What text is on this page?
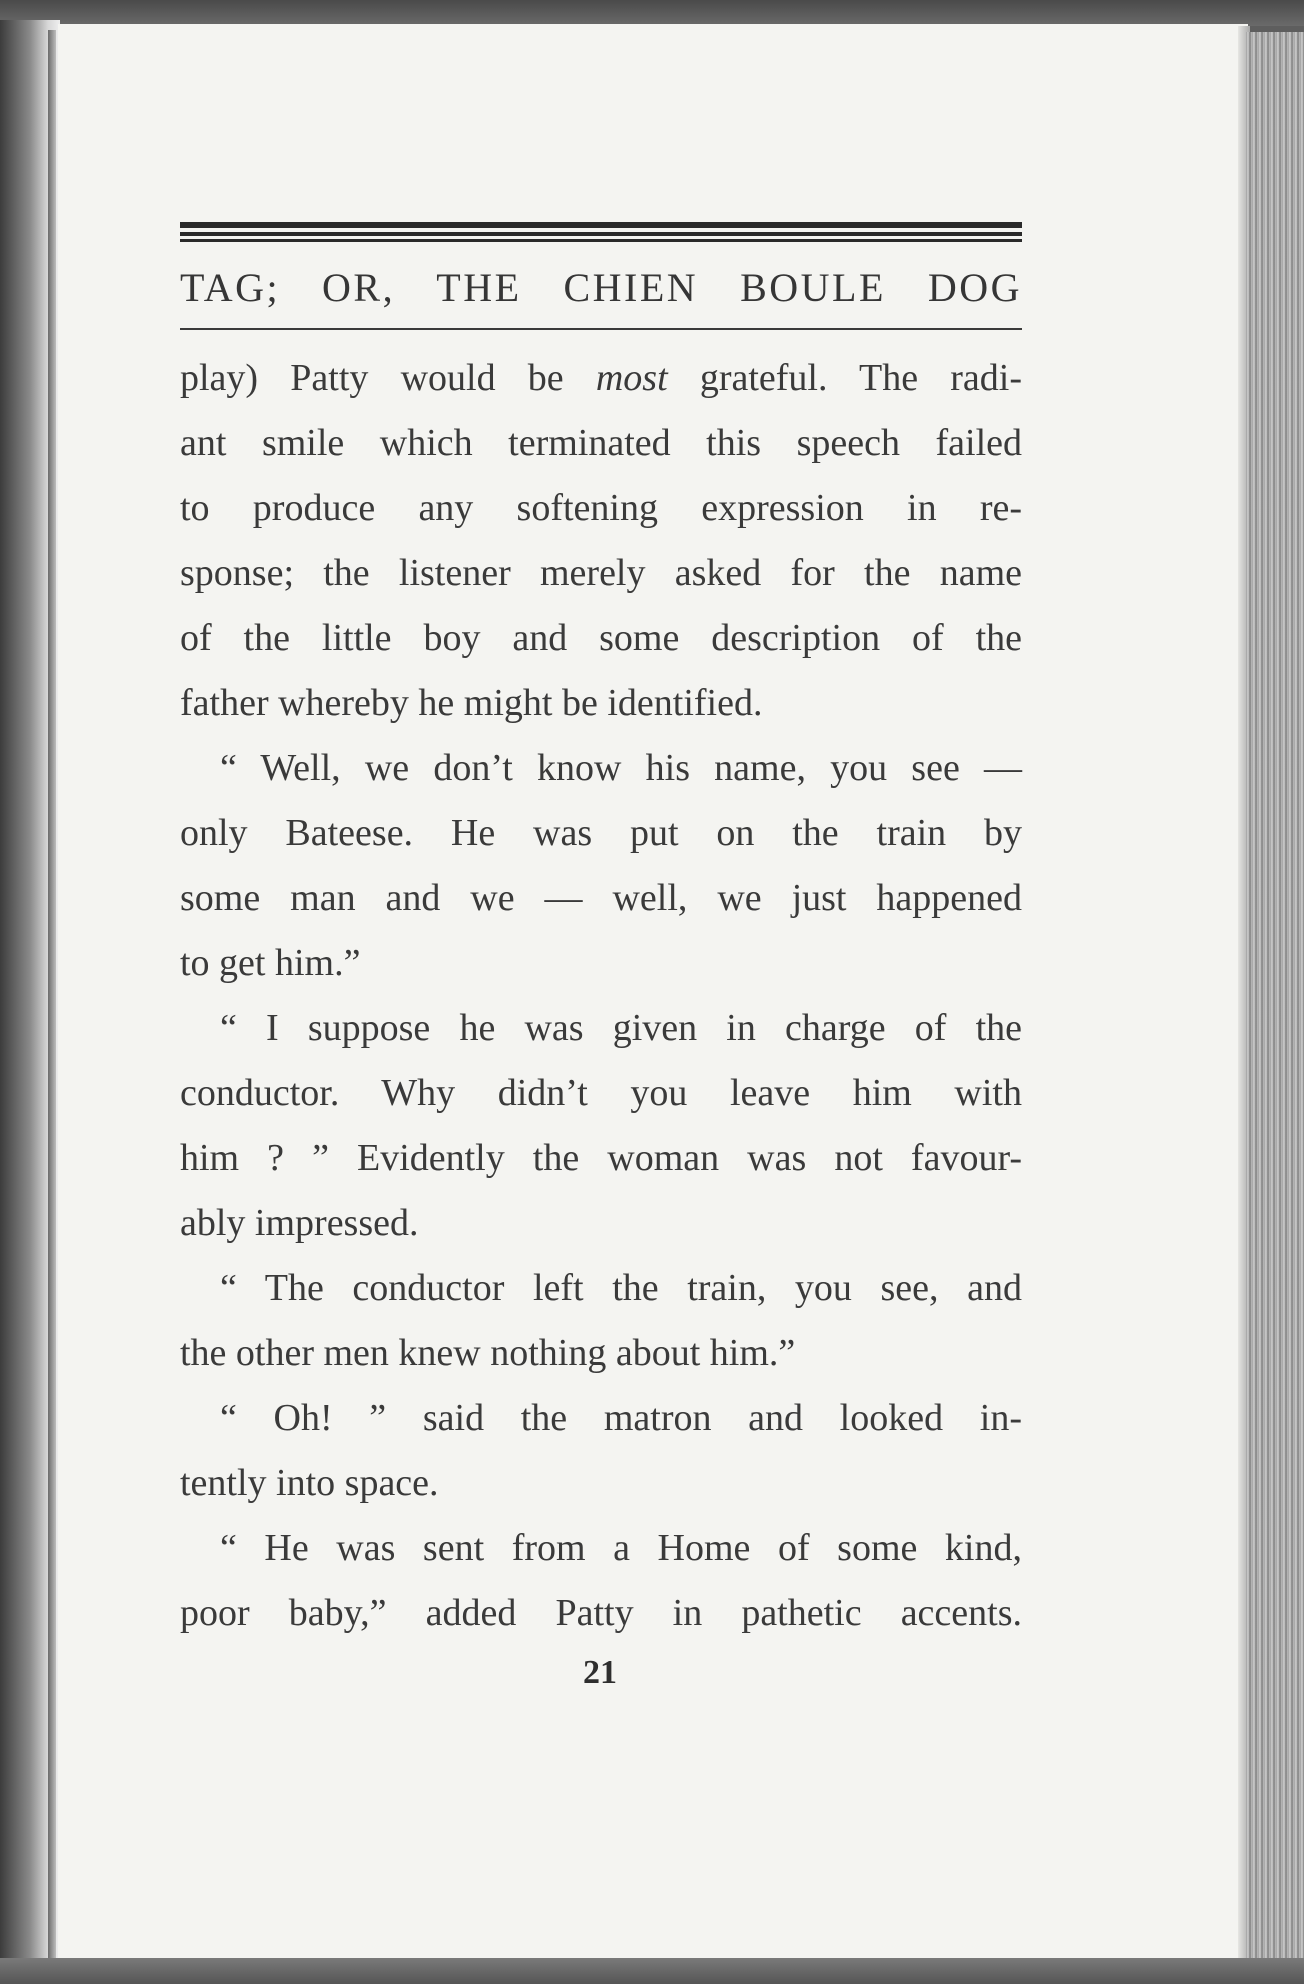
TAG; OR, THE CHIEN BOULE DOG
play) Patty would be most grateful. The radi-
ant smile which terminated this speech failed
to produce any softening expression in re-
sponse; the listener merely asked for the name
of the little boy and some description of the
father whereby he might be identified.
“ Well, we don’t know his name, you see —
only Bateese. He was put on the train by
some man and we — well, we just happened
to get him.”
“ I suppose he was given in charge of the
conductor. Why didn’t you leave him with
him ? ” Evidently the woman was not favour-
ably impressed.
“ The conductor left the train, you see, and
the other men knew nothing about him.”
“ Oh! ” said the matron and looked in-
tently into space.
“ He was sent from a Home of some kind,
poor baby,” added Patty in pathetic accents.
21
